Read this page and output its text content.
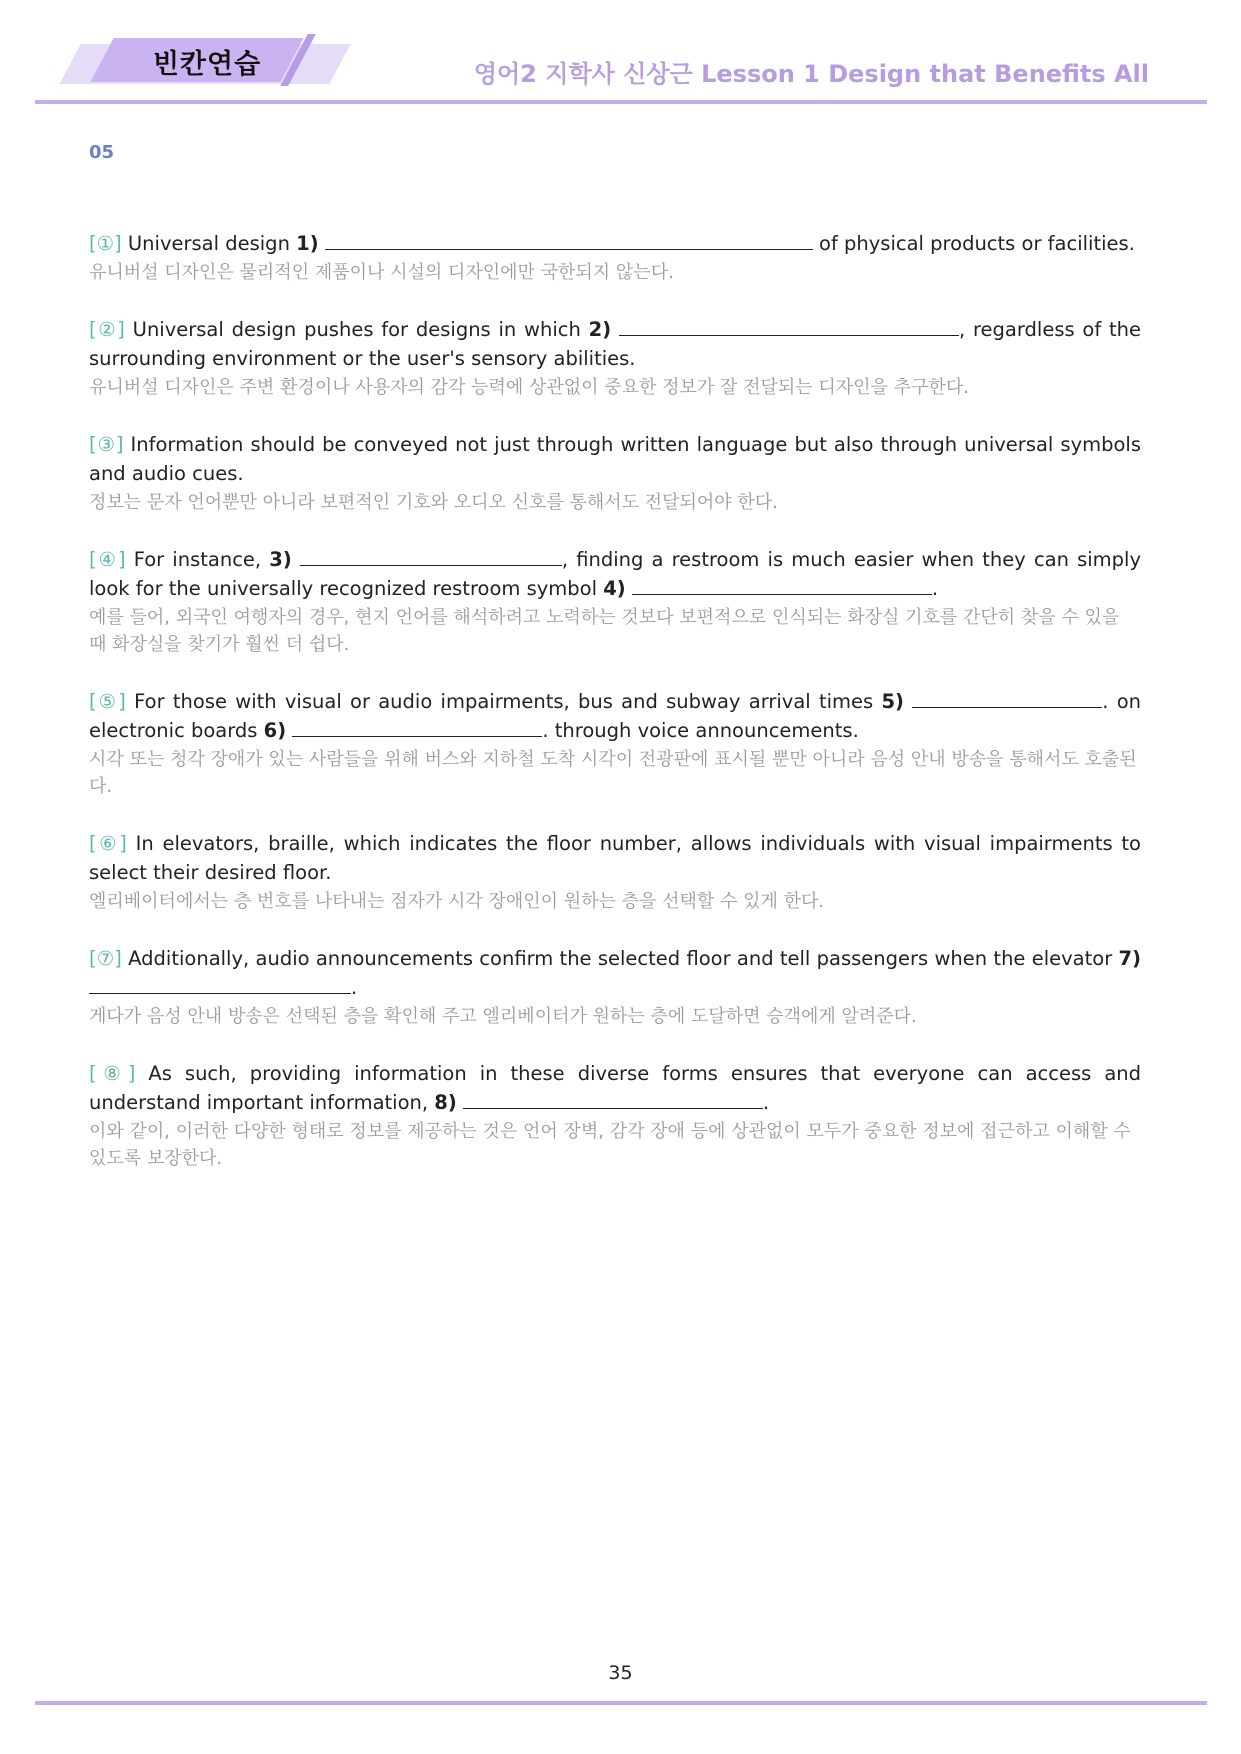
빈칸연습	영어2 지학사 신상근 Lesson 1 Design that Benefits All
05
[①] Universal design 1)	of physical products or facilities.
유니버설 디자인은 물리적인 제품이나 시설의 디자인에만 국한되지 않는다.
[②] Universal design pushes for designs in which 2)	, regardless of the surrounding environment or the user's sensory abilities.
유니버설 디자인은 주변 환경이나 사용자의 감각 능력에 상관없이 중요한 정보가 잘 전달되는 디자인을 추구한다.
[③] Information should be conveyed not just through written language but also through universal symbols and audio cues.
정보는 문자 언어뿐만 아니라 보편적인 기호와 오디오 신호를 통해서도 전달되어야 한다.
[④] For instance, 3)	, finding a restroom is much easier when they can simply look for the universally recognized restroom symbol 4)	.
예를 들어, 외국인 여행자의 경우, 현지 언어를 해석하려고 노력하는 것보다 보편적으로 인식되는 화장실 기호를 간단히 찾을 수 있을 때 화장실을 찾기가 훨씬 더 쉽다.
[⑤] For those with visual or audio impairments, bus and subway arrival times 5)	. on electronic boards 6)	. through voice announcements.
시각 또는 청각 장애가 있는 사람들을 위해 버스와 지하철 도착 시각이 전광판에 표시될 뿐만 아니라 음성 안내 방송을 통해서도 호출된다.
[⑥] In elevators, braille, which indicates the floor number, allows individuals with visual impairments to select their desired floor.
엘리베이터에서는 층 번호를 나타내는 점자가 시각 장애인이 원하는 층을 선택할 수 있게 한다.
[⑦] Additionally, audio announcements confirm the selected floor and tell passengers when the elevator 7) .
게다가 음성 안내 방송은 선택된 층을 확인해 주고 엘리베이터가 원하는 층에 도달하면 승객에게 알려준다.
[⑧] As such, providing information in these diverse forms ensures that everyone can access and understand important information, 8)	.
이와 같이, 이러한 다양한 형태로 정보를 제공하는 것은 언어 장벽, 감각 장애 등에 상관없이 모두가 중요한 정보에 접근하고 이해할 수 있도록 보장한다.
35
